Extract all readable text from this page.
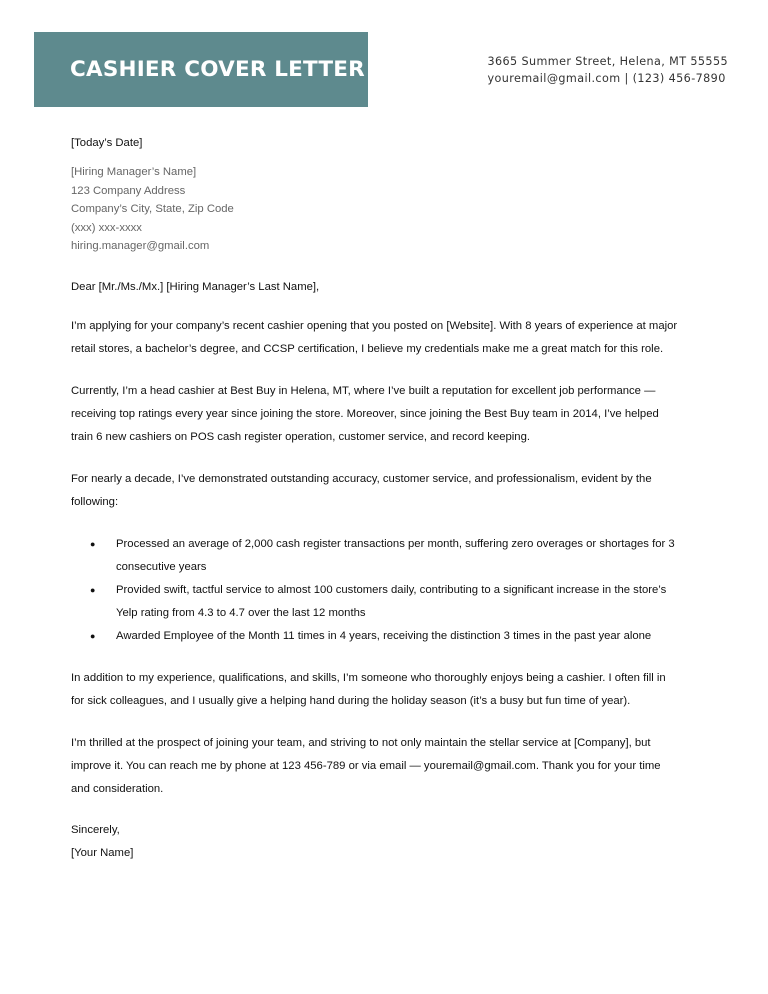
CASHIER COVER LETTER	3665 Summer Street, Helena, MT 55555
youremail@gmail.com | (123) 456-7890
[Today’s Date]
[Hiring Manager’s Name]
123 Company Address
Company’s City, State, Zip Code
(xxx) xxx-xxxx
hiring.manager@gmail.com
Dear [Mr./Ms./Mx.] [Hiring Manager’s Last Name],

I’m applying for your company’s recent cashier opening that you posted on [Website]. With 8 years of experience at major retail stores, a bachelor’s degree, and CCSP certification, I believe my credentials make me a great match for this role.

Currently, I’m a head cashier at Best Buy in Helena, MT, where I’ve built a reputation for excellent job performance — receiving top ratings every year since joining the store. Moreover, since joining the Best Buy team in 2014, I’ve helped train 6 new cashiers on POS cash register operation, customer service, and record keeping.

For nearly a decade, I’ve demonstrated outstanding accuracy, customer service, and professionalism, evident by the following:

● Processed an average of 2,000 cash register transactions per month, suffering zero overages or shortages for 3 consecutive years
● Provided swift, tactful service to almost 100 customers daily, contributing to a significant increase in the store’s Yelp rating from 4.3 to 4.7 over the last 12 months
● Awarded Employee of the Month 11 times in 4 years, receiving the distinction 3 times in the past year alone

In addition to my experience, qualifications, and skills, I’m someone who thoroughly enjoys being a cashier. I often fill in for sick colleagues, and I usually give a helping hand during the holiday season (it’s a busy but fun time of year).

I’m thrilled at the prospect of joining your team, and striving to not only maintain the stellar service at [Company], but improve it. You can reach me by phone at 123 456-789 or via email — youremail@gmail.com. Thank you for your time and consideration.

Sincerely,
[Your Name]
